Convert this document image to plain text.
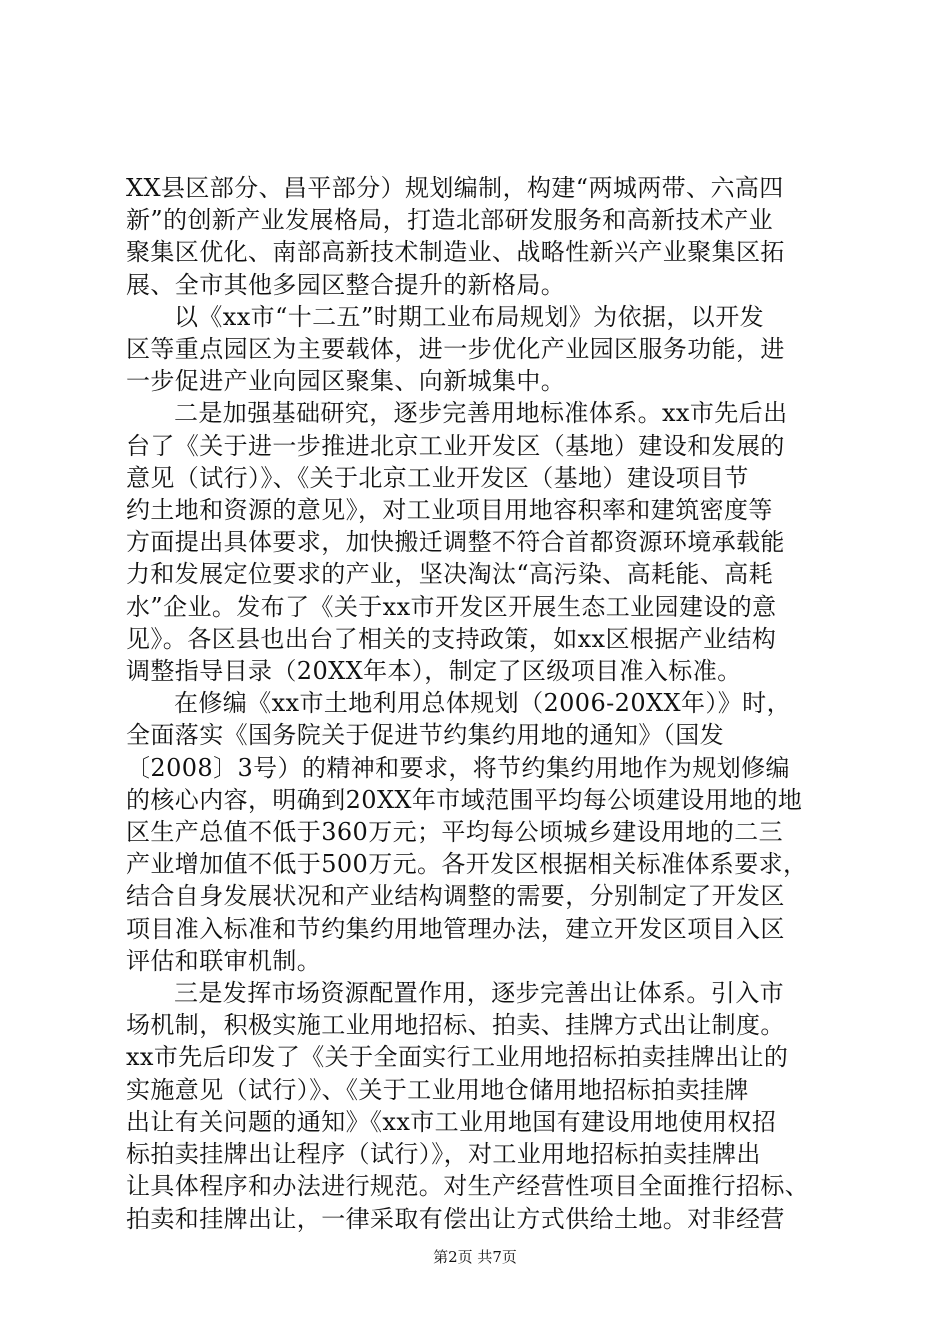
XX县区部分、昌平部分）规划编制，构建“两城两带、六高四
新”的创新产业发展格局，打造北部研发服务和高新技术产业
聚集区优化、南部高新技术制造业、战略性新兴产业聚集区拓
展、全市其他多园区整合提升的新格局。
以《xx市“十二五”时期工业布局规划》为依据，以开发
区等重点园区为主要载体，进一步优化产业园区服务功能，进
一步促进产业向园区聚集、向新城集中。
二是加强基础研究，逐步完善用地标准体系。xx市先后出
台了《关于进一步推进北京工业开发区（基地）建设和发展的
意见（试行）》、《关于北京工业开发区（基地）建设项目节
约土地和资源的意见》，对工业项目用地容积率和建筑密度等
方面提出具体要求，加快搬迁调整不符合首都资源环境承载能
力和发展定位要求的产业，坚决淘汰“高污染、高耗能、高耗
水”企业。发布了《关于xx市开发区开展生态工业园建设的意
见》。各区县也出台了相关的支持政策，如xx区根据产业结构
调整指导目录（20XX年本），制定了区级项目准入标准。
在修编《xx市土地利用总体规划（2006-20XX年）》时，
全面落实《国务院关于促进节约集约用地的通知》（国发
〔2008〕3号）的精神和要求，将节约集约用地作为规划修编
的核心内容，明确到20XX年市域范围平均每公顷建设用地的地
区生产总值不低于360万元；平均每公顷城乡建设用地的二三
产业增加值不低于500万元。各开发区根据相关标准体系要求，
结合自身发展状况和产业结构调整的需要，分别制定了开发区
项目准入标准和节约集约用地管理办法，建立开发区项目入区
评估和联审机制。
三是发挥市场资源配置作用，逐步完善出让体系。引入市
场机制，积极实施工业用地招标、拍卖、挂牌方式出让制度。
xx市先后印发了《关于全面实行工业用地招标拍卖挂牌出让的
实施意见（试行）》、《关于工业用地仓储用地招标拍卖挂牌
出让有关问题的通知》《xx市工业用地国有建设用地使用权招
标拍卖挂牌出让程序（试行）》，对工业用地招标拍卖挂牌出
让具体程序和办法进行规范。对生产经营性项目全面推行招标、
拍卖和挂牌出让，一律采取有偿出让方式供给土地。对非经营
第2页 共7页
